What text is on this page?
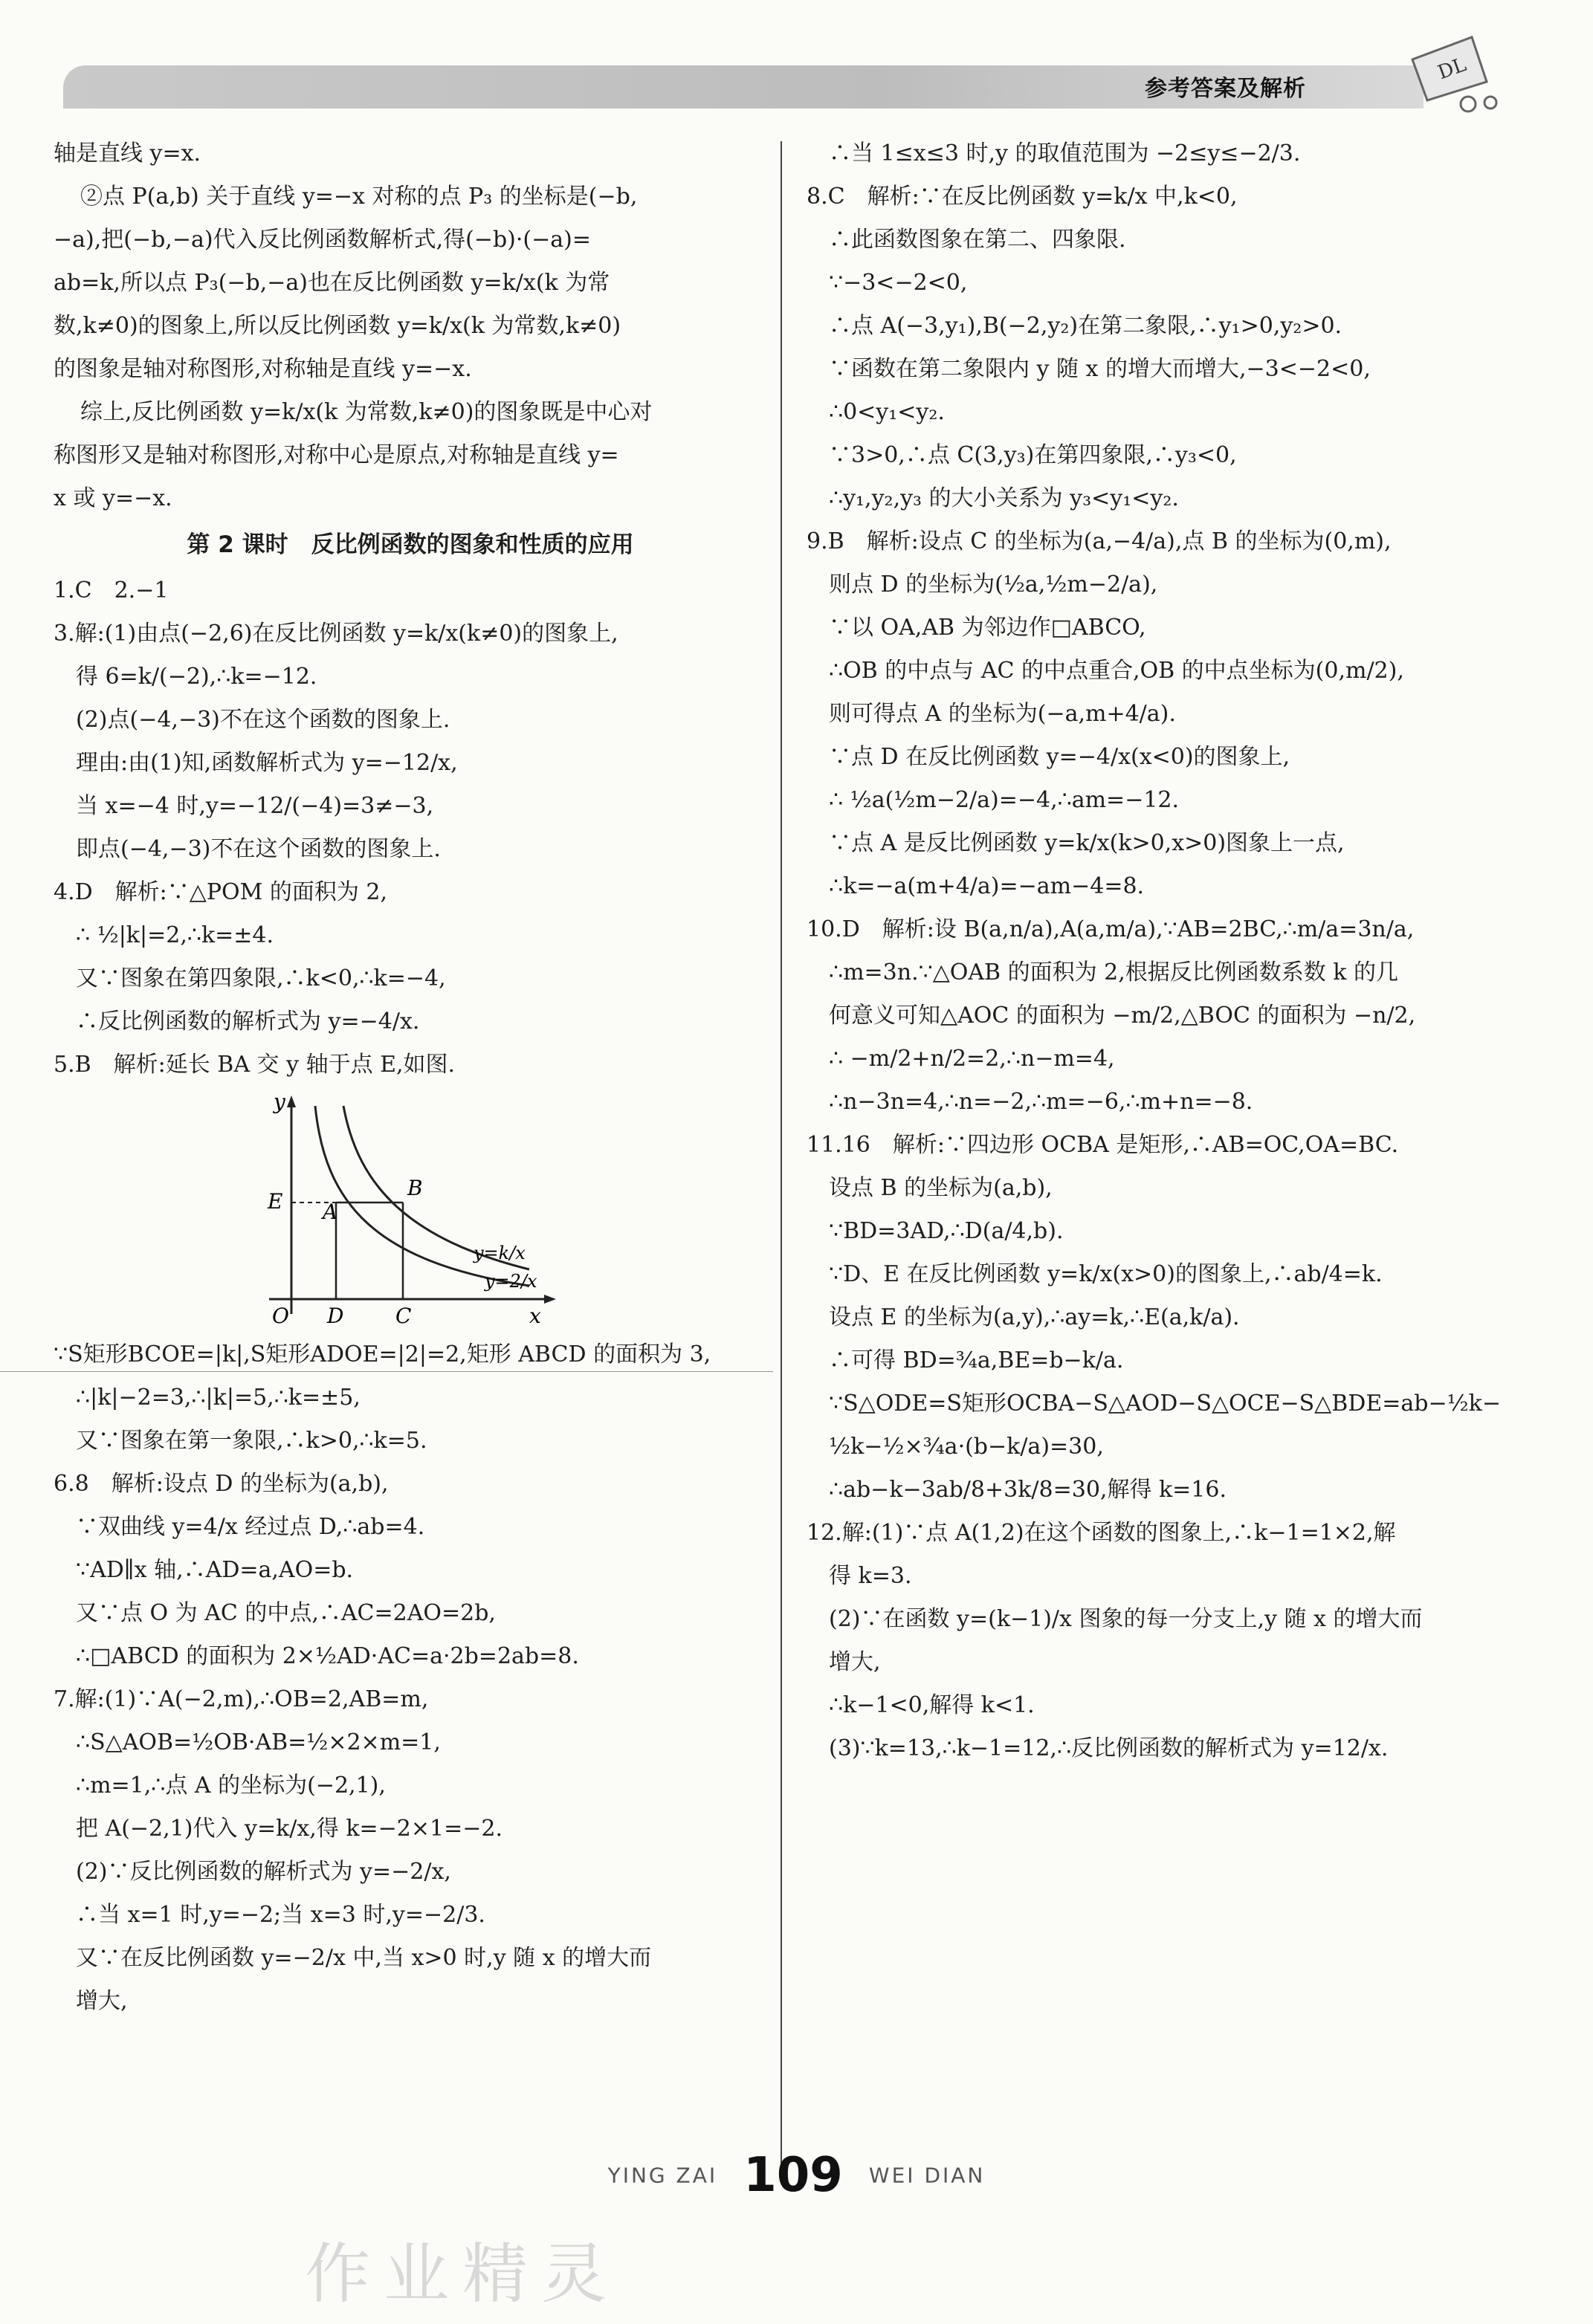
参考答案及解析
DL
轴是直线 y=x.
②点 P(a,b) 关于直线 y=−x 对称的点 P₃ 的坐标是(−b,
−a),把(−b,−a)代入反比例函数解析式,得(−b)·(−a)=
ab=k,所以点 P₃(−b,−a)也在反比例函数 y=k/x(k 为常
数,k≠0)的图象上,所以反比例函数 y=k/x(k 为常数,k≠0)
的图象是轴对称图形,对称轴是直线 y=−x.
综上,反比例函数 y=k/x(k 为常数,k≠0)的图象既是中心对
称图形又是轴对称图形,对称中心是原点,对称轴是直线 y=
x 或 y=−x.
第 2 课时　反比例函数的图象和性质的应用
1.C　2.−1
3.解:(1)由点(−2,6)在反比例函数 y=k/x(k≠0)的图象上,
得 6=k/(−2),∴k=−12.
(2)点(−4,−3)不在这个函数的图象上.
理由:由(1)知,函数解析式为 y=−12/x,
当 x=−4 时,y=−12/(−4)=3≠−3,
即点(−4,−3)不在这个函数的图象上.
4.D　解析:∵△POM 的面积为 2,
∴ ½|k|=2,∴k=±4.
又∵图象在第四象限,∴k<0,∴k=−4,
∴反比例函数的解析式为 y=−4/x.
5.B　解析:延长 BA 交 y 轴于点 E,如图.
y
x
O
E A
B
D C
y=k/x
y=2/x
∵S矩形BCOE=|k|,S矩形ADOE=|2|=2,矩形 ABCD 的面积为 3,
∴|k|−2=3,∴|k|=5,∴k=±5,
又∵图象在第一象限,∴k>0,∴k=5.
6.8　解析:设点 D 的坐标为(a,b),
∵双曲线 y=4/x 经过点 D,∴ab=4.
∵AD∥x 轴,∴AD=a,AO=b.
又∵点 O 为 AC 的中点,∴AC=2AO=2b,
∴□ABCD 的面积为 2×½AD·AC=a·2b=2ab=8.
7.解:(1)∵A(−2,m),∴OB=2,AB=m,
∴S△AOB=½OB·AB=½×2×m=1,
∴m=1,∴点 A 的坐标为(−2,1),
把 A(−2,1)代入 y=k/x,得 k=−2×1=−2.
(2)∵反比例函数的解析式为 y=−2/x,
∴当 x=1 时,y=−2;当 x=3 时,y=−2/3.
又∵在反比例函数 y=−2/x 中,当 x>0 时,y 随 x 的增大而
增大,
∴当 1≤x≤3 时,y 的取值范围为 −2≤y≤−2/3.
8.C　解析:∵在反比例函数 y=k/x 中,k<0,
∴此函数图象在第二、四象限.
∵−3<−2<0,
∴点 A(−3,y₁),B(−2,y₂)在第二象限,∴y₁>0,y₂>0.
∵函数在第二象限内 y 随 x 的增大而增大,−3<−2<0,
∴0<y₁<y₂.
∵3>0,∴点 C(3,y₃)在第四象限,∴y₃<0,
∴y₁,y₂,y₃ 的大小关系为 y₃<y₁<y₂.
9.B　解析:设点 C 的坐标为(a,−4/a),点 B 的坐标为(0,m),
则点 D 的坐标为(½a,½m−2/a),
∵以 OA,AB 为邻边作□ABCO,
∴OB 的中点与 AC 的中点重合,OB 的中点坐标为(0,m/2),
则可得点 A 的坐标为(−a,m+4/a).
∵点 D 在反比例函数 y=−4/x(x<0)的图象上,
∴ ½a(½m−2/a)=−4,∴am=−12.
∵点 A 是反比例函数 y=k/x(k>0,x>0)图象上一点,
∴k=−a(m+4/a)=−am−4=8.
10.D　解析:设 B(a,n/a),A(a,m/a),∵AB=2BC,∴m/a=3n/a,
∴m=3n.∵△OAB 的面积为 2,根据反比例函数系数 k 的几
何意义可知△AOC 的面积为 −m/2,△BOC 的面积为 −n/2,
∴ −m/2+n/2=2,∴n−m=4,
∴n−3n=4,∴n=−2,∴m=−6,∴m+n=−8.
11.16　解析:∵四边形 OCBA 是矩形,∴AB=OC,OA=BC.
设点 B 的坐标为(a,b),
∵BD=3AD,∴D(a/4,b).
∵D、E 在反比例函数 y=k/x(x>0)的图象上,∴ab/4=k.
设点 E 的坐标为(a,y),∴ay=k,∴E(a,k/a).
∴可得 BD=¾a,BE=b−k/a.
∵S△ODE=S矩形OCBA−S△AOD−S△OCE−S△BDE=ab−½k−
½k−½×¾a·(b−k/a)=30,
∴ab−k−3ab/8+3k/8=30,解得 k=16.
12.解:(1)∵点 A(1,2)在这个函数的图象上,∴k−1=1×2,解
得 k=3.
(2)∵在函数 y=(k−1)/x 图象的每一分支上,y 随 x 的增大而
增大,
∴k−1<0,解得 k<1.
(3)∵k=13,∴k−1=12,∴反比例函数的解析式为 y=12/x.
YING ZAI 109 WEI DIAN
作业精灵
